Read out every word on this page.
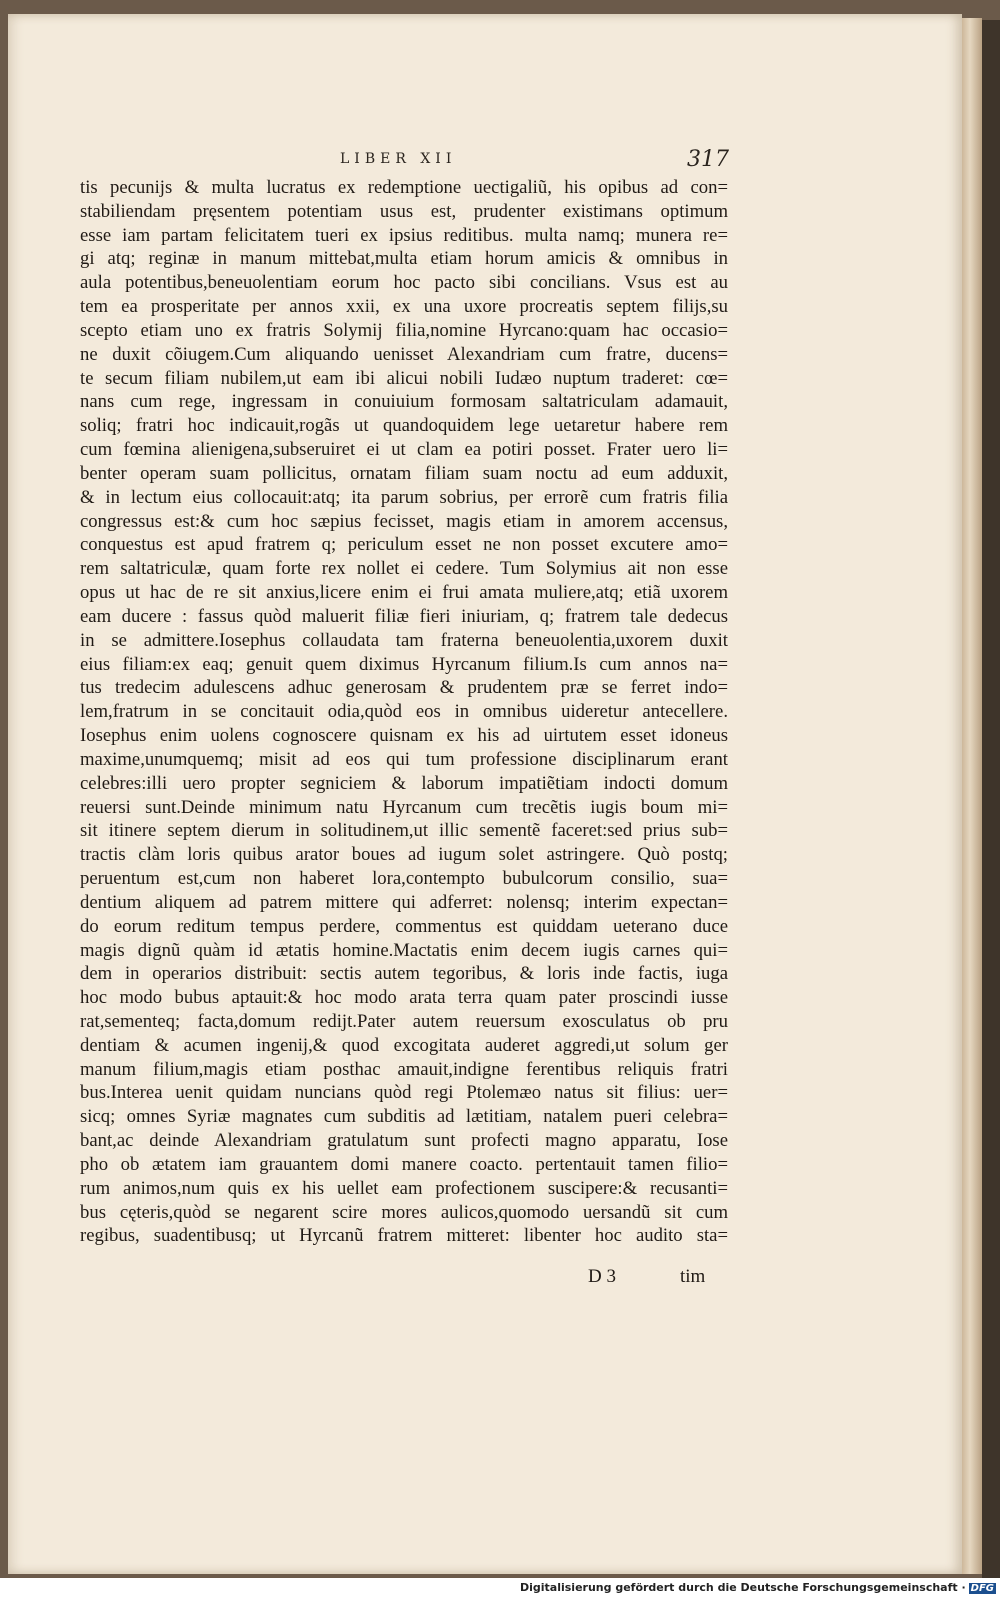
LIBER XII	317
tis pecunijs & multa lucratus ex redemptione uectigaliũ, his opibus ad con=
stabiliendam pręsentem potentiam usus est, prudenter existimans optimum
esse iam partam felicitatem tueri ex ipsius reditibus. multa namq; munera re=
gi atq; reginæ in manum mittebat,multa etiam horum amicis & omnibus in
aula potentibus,beneuolentiam eorum hoc pacto sibi concilians. Vsus est au
tem ea prosperitate per annos xxii, ex una uxore procreatis septem filijs,su
scepto etiam uno ex fratris Solymij filia,nomine Hyrcano:quam hac occasio=
ne duxit cõiugem.Cum aliquando uenisset Alexandriam cum fratre, ducens=
te secum filiam nubilem,ut eam ibi alicui nobili Iudæo nuptum traderet: cœ=
nans cum rege, ingressam in conuiuium formosam saltatriculam adamauit,
soliq; fratri hoc indicauit,rogãs ut quandoquidem lege uetaretur habere rem
cum fœmina alienigena,subseruiret ei ut clam ea potiri posset. Frater uero li=
benter operam suam pollicitus, ornatam filiam suam noctu ad eum adduxit,
& in lectum eius collocauit:atq; ita parum sobrius, per errorẽ cum fratris filia
congressus est:& cum hoc sæpius fecisset, magis etiam in amorem accensus,
conquestus est apud fratrem q; periculum esset ne non posset excutere amo=
rem saltatriculæ, quam forte rex nollet ei cedere. Tum Solymius ait non esse
opus ut hac de re sit anxius,licere enim ei frui amata muliere,atq; etiã uxorem
eam ducere : fassus quòd maluerit filiæ fieri iniuriam, q; fratrem tale dedecus
in se admittere.Iosephus collaudata tam fraterna beneuolentia,uxorem duxit
eius filiam:ex eaq; genuit quem diximus Hyrcanum filium.Is cum annos na=
tus tredecim adulescens adhuc generosam & prudentem præ se ferret indo=
lem,fratrum in se concitauit odia,quòd eos in omnibus uideretur antecellere.
Iosephus enim uolens cognoscere quisnam ex his ad uirtutem esset idoneus
maxime,unumquemq; misit ad eos qui tum professione disciplinarum erant
celebres:illi uero propter segniciem & laborum impatiẽtiam indocti domum
reuersi sunt.Deinde minimum natu Hyrcanum cum trecẽtis iugis boum mi=
sit itinere septem dierum in solitudinem,ut illic sementẽ faceret:sed prius sub=
tractis clàm loris quibus arator boues ad iugum solet astringere. Quò postq;
peruentum est,cum non haberet lora,contempto bubulcorum consilio, sua=
dentium aliquem ad patrem mittere qui adferret: nolensq; interim expectan=
do eorum reditum tempus perdere, commentus est quiddam ueterano duce
magis dignũ quàm id ætatis homine.Mactatis enim decem iugis carnes qui=
dem in operarios distribuit: sectis autem tegoribus, & loris inde factis, iuga
hoc modo bubus aptauit:& hoc modo arata terra quam pater proscindi iusse
rat,sementeq; facta,domum redijt.Pater autem reuersum exosculatus ob pru
dentiam & acumen ingenij,& quod excogitata auderet aggredi,ut solum ger
manum filium,magis etiam posthac amauit,indigne ferentibus reliquis fratri
bus.Interea uenit quidam nuncians quòd regi Ptolemæo natus sit filius: uer=
sicq; omnes Syriæ magnates cum subditis ad lætitiam, natalem pueri celebra=
bant,ac deinde Alexandriam gratulatum sunt profecti magno apparatu, Iose
pho ob ætatem iam grauantem domi manere coacto. pertentauit tamen filio=
rum animos,num quis ex his uellet eam profectionem suscipere:& recusanti=
bus cęteris,quòd se negarent scire mores aulicos,quomodo uersandũ sit cum
regibus, suadentibusq; ut Hyrcanũ fratrem mitteret: libenter hoc audito sta=
D 3	tim
Digitalisierung gefördert durch die Deutsche Forschungsgemeinschaft · DFG
